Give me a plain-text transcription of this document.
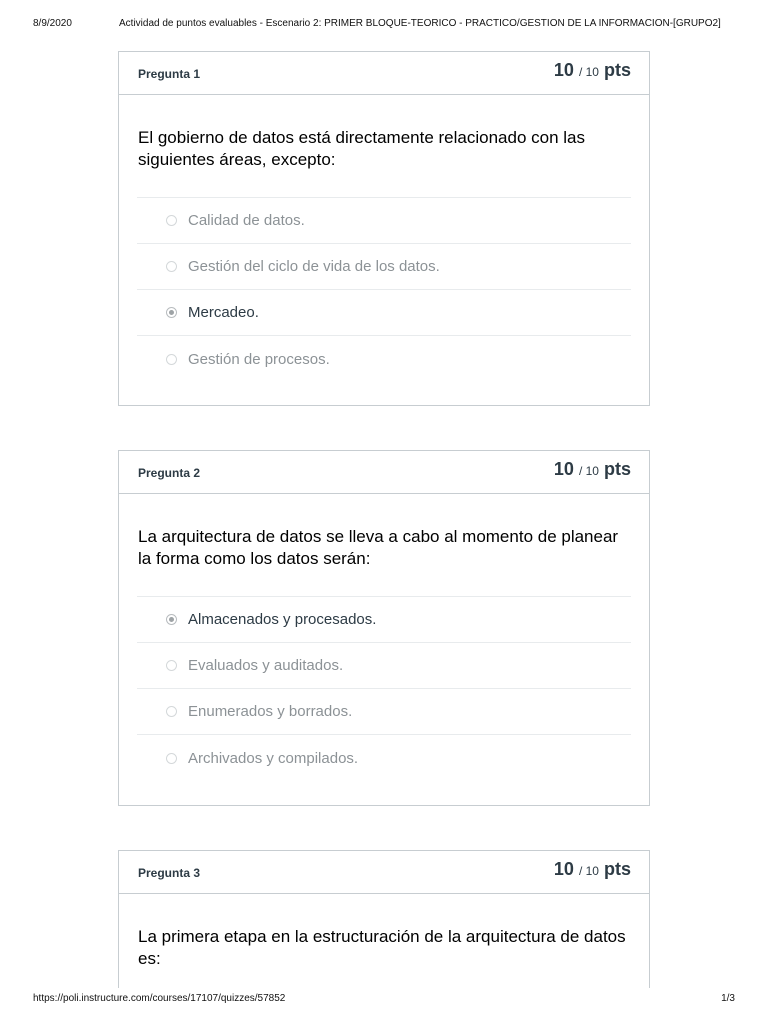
8/9/2020	Actividad de puntos evaluables - Escenario 2: PRIMER BLOQUE-TEORICO - PRACTICO/GESTION DE LA INFORMACION-[GRUPO2]
Pregunta 1	10 / 10 pts
El gobierno de datos está directamente relacionado con las siguientes áreas, excepto:
Calidad de datos.
Gestión del ciclo de vida de los datos.
Mercadeo.
Gestión de procesos.
Pregunta 2	10 / 10 pts
La arquitectura de datos se lleva a cabo al momento de planear la forma como los datos serán:
Almacenados y procesados.
Evaluados y auditados.
Enumerados y borrados.
Archivados y compilados.
Pregunta 3	10 / 10 pts
La primera etapa en la estructuración de la arquitectura de datos es:
https://poli.instructure.com/courses/17107/quizzes/57852	1/3
